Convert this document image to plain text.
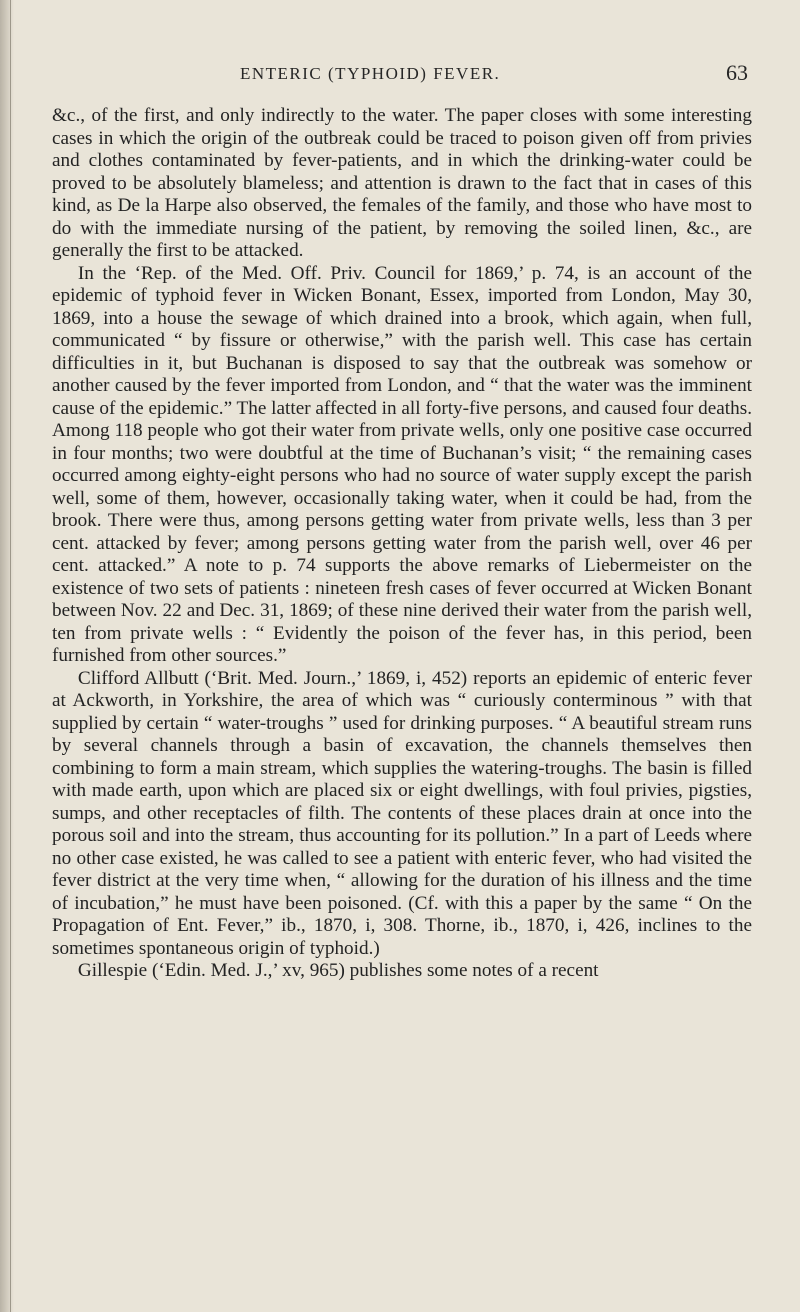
ENTERIC (TYPHOID) FEVER.	63

&c., of the first, and only indirectly to the water. The paper closes with some interesting cases in which the origin of the outbreak could be traced to poison given off from privies and clothes contaminated by fever-patients, and in which the drinking-water could be proved to be absolutely blameless; and attention is drawn to the fact that in cases of this kind, as De la Harpe also observed, the females of the family, and those who have most to do with the immediate nursing of the patient, by removing the soiled linen, &c., are generally the first to be attacked.

In the ‘Rep. of the Med. Off. Priv. Council for 1869,’ p. 74, is an account of the epidemic of typhoid fever in Wicken Bonant, Essex, imported from London, May 30, 1869, into a house the sewage of which drained into a brook, which again, when full, communicated “ by fissure or otherwise,” with the parish well. This case has certain difficulties in it, but Buchanan is disposed to say that the outbreak was somehow or another caused by the fever imported from London, and “ that the water was the imminent cause of the epidemic.” The latter affected in all forty-five persons, and caused four deaths. Among 118 people who got their water from private wells, only one positive case occurred in four months; two were doubtful at the time of Buchanan’s visit; “ the remaining cases occurred among eighty-eight persons who had no source of water supply except the parish well, some of them, however, occasionally taking water, when it could be had, from the brook. There were thus, among persons getting water from private wells, less than 3 per cent. attacked by fever; among persons getting water from the parish well, over 46 per cent. attacked.” A note to p. 74 supports the above remarks of Liebermeister on the existence of two sets of patients : nineteen fresh cases of fever occurred at Wicken Bonant between Nov. 22 and Dec. 31, 1869; of these nine derived their water from the parish well, ten from private wells : “ Evidently the poison of the fever has, in this period, been furnished from other sources.”

Clifford Allbutt (‘Brit. Med. Journ.,’ 1869, i, 452) reports an epidemic of enteric fever at Ackworth, in Yorkshire, the area of which was “ curiously conterminous ” with that supplied by certain “ water-troughs ” used for drinking purposes. “ A beautiful stream runs by several channels through a basin of excavation, the channels themselves then combining to form a main stream, which supplies the watering-troughs. The basin is filled with made earth, upon which are placed six or eight dwellings, with foul privies, pigsties, sumps, and other receptacles of filth. The contents of these places drain at once into the porous soil and into the stream, thus accounting for its pollution.” In a part of Leeds where no other case existed, he was called to see a patient with enteric fever, who had visited the fever district at the very time when, “ allowing for the duration of his illness and the time of incubation,” he must have been poisoned. (Cf. with this a paper by the same “ On the Propagation of Ent. Fever,” ib., 1870, i, 308. Thorne, ib., 1870, i, 426, inclines to the sometimes spontaneous origin of typhoid.)

Gillespie (‘Edin. Med. J.,’ xv, 965) publishes some notes of a recent
